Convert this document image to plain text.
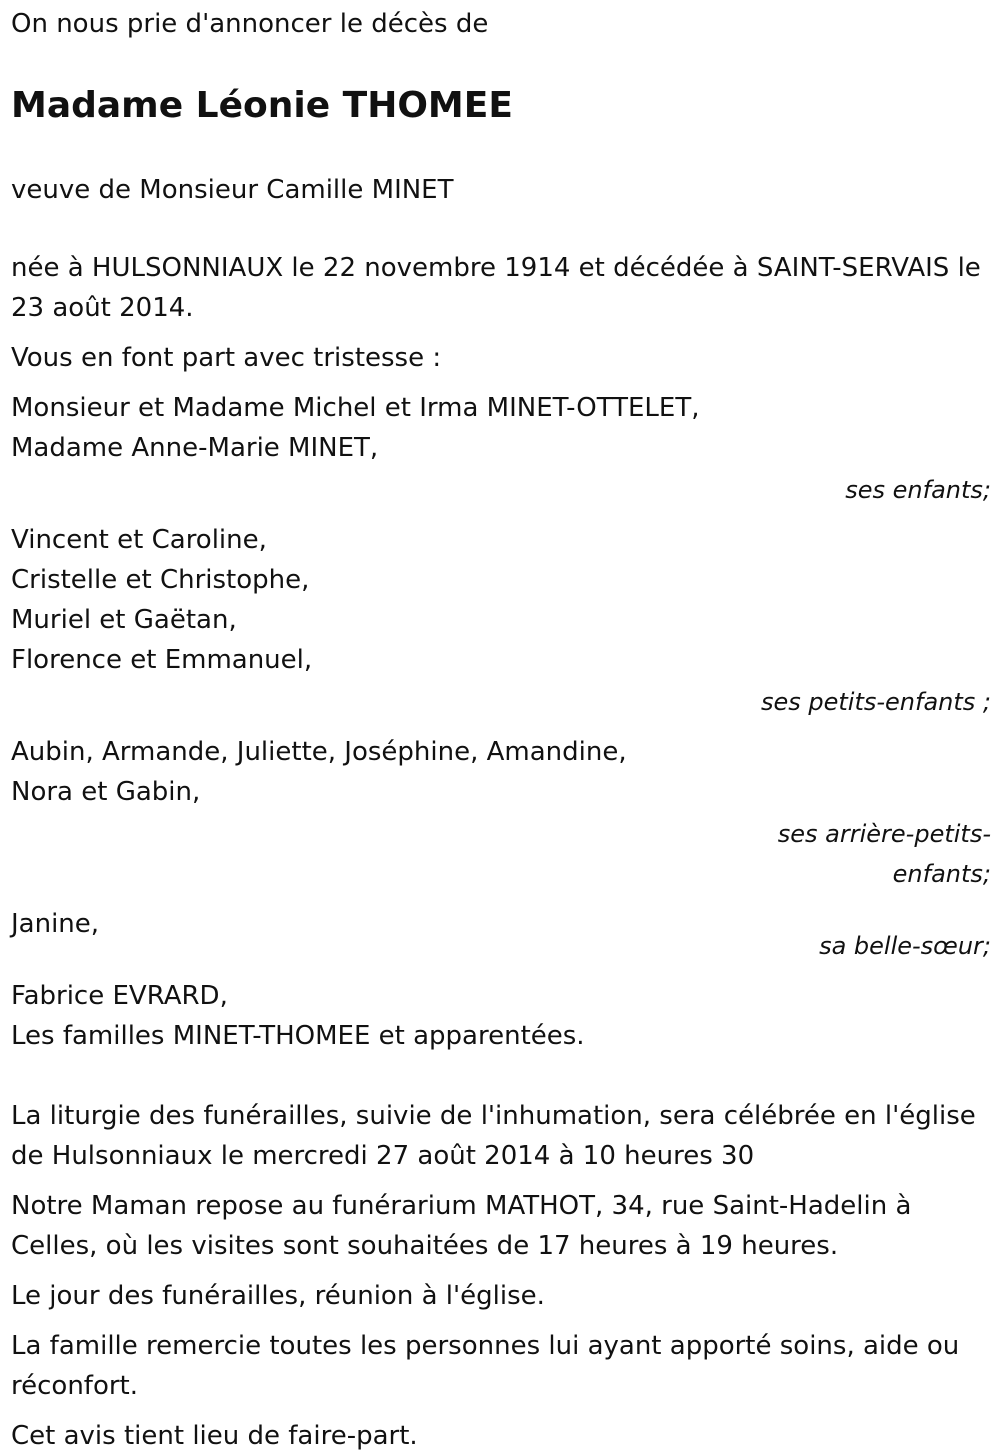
On nous prie d'annoncer le décès de

Madame Léonie THOMEE

veuve de Monsieur Camille MINET

née à HULSONNIAUX le 22 novembre 1914 et décédée à SAINT-SERVAIS le 23 août 2014.

Vous en font part avec tristesse :

Monsieur et Madame Michel et Irma MINET-OTTELET,
Madame Anne-Marie MINET,
ses enfants;
Vincent et Caroline,
Cristelle et Christophe,
Muriel et Gaëtan,
Florence et Emmanuel,
ses petits-enfants ;
Aubin, Armande, Juliette, Joséphine, Amandine,
Nora et Gabin,
ses arrière-petits-enfants;
Janine,
sa belle-sœur;
Fabrice EVRARD,
Les familles MINET-THOMEE et apparentées.

La liturgie des funérailles, suivie de l'inhumation, sera célébrée en l'église de Hulsonniaux le mercredi 27 août 2014 à 10 heures 30

Notre Maman repose au funérarium MATHOT, 34, rue Saint-Hadelin à Celles, où les visites sont souhaitées de 17 heures à 19 heures.

Le jour des funérailles, réunion à l'église.

La famille remercie toutes les personnes lui ayant apporté soins, aide ou réconfort.

Cet avis tient lieu de faire-part.
